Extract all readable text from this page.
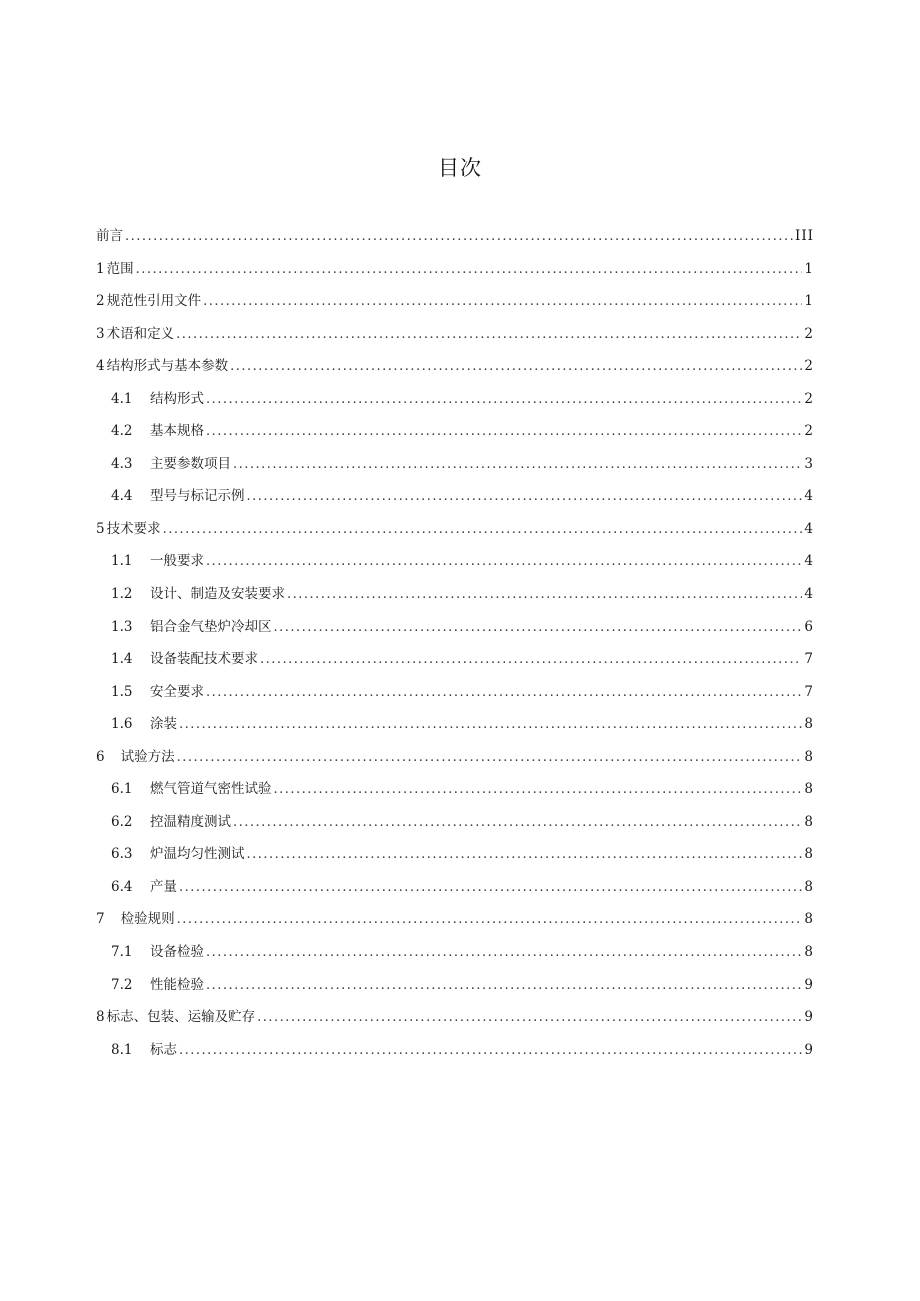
目次
前言 .....	III
1 范围 .....	1
2 规范性引用文件 .....	1
3 术语和定义 .....	2
4 结构形式与基本参数 .....	2
4.1	结构形式 .....	2
4.2	基本规格 .....	2
4.3	主要参数项目 .....	3
4.4	型号与标记示例 .....	4
5 技术要求 .....	4
1.1	一般要求 .....	4
1.2	设计、制造及安装要求 .....	4
1.3	铝合金气垫炉冷却区 .....	6
1.4	设备装配技术要求 .....	7
1.5	安全要求 .....	7
1.6	涂装 .....	8
6 试验方法 .....	8
6.1	燃气管道气密性试验 .....	8
6.2	控温精度测试 .....	8
6.3	炉温均匀性测试 .....	8
6.4	产量 .....	8
7 检验规则 .....	8
7.1	设备检验 .....	8
7.2	性能检验 .....	9
8 标志、包装、运输及贮存 .....	9
8.1	标志 .....	9
